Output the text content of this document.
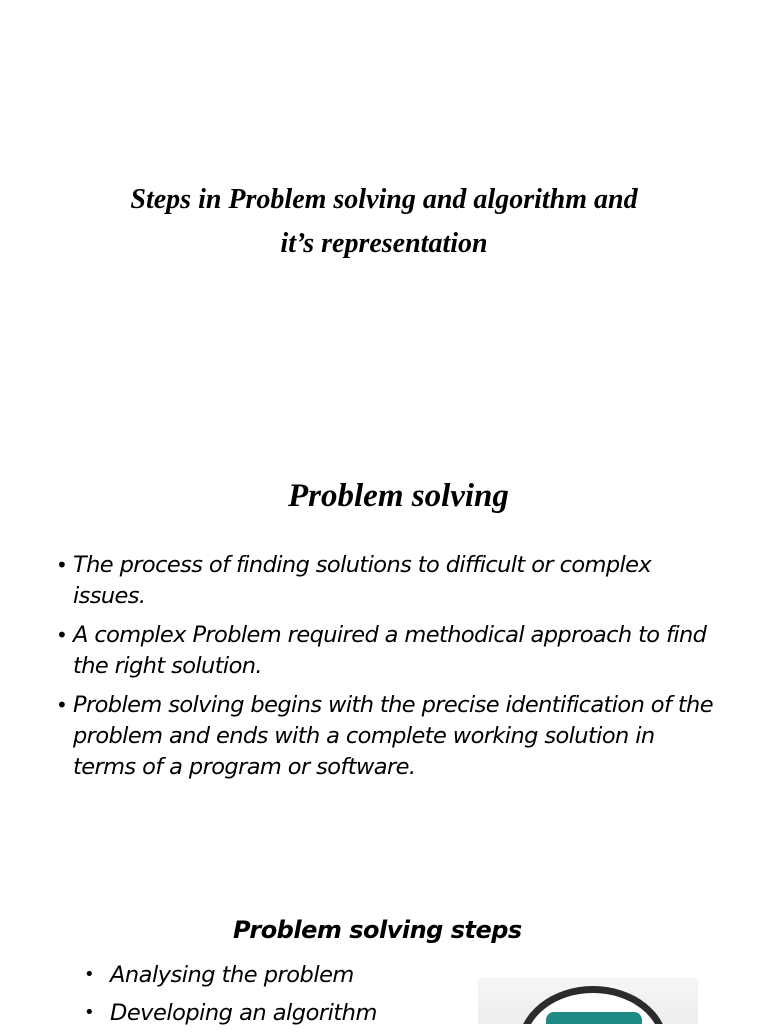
Steps in Problem solving and algorithm and
it’s representation
Problem solving
• The process of finding solutions to difficult or complex issues.
• A complex Problem required a methodical approach to find the right solution.
• Problem solving begins with the precise identification of the problem and ends with a complete working solution in terms of a program or software.
Problem solving steps
• Analysing the problem
• Developing an algorithm
